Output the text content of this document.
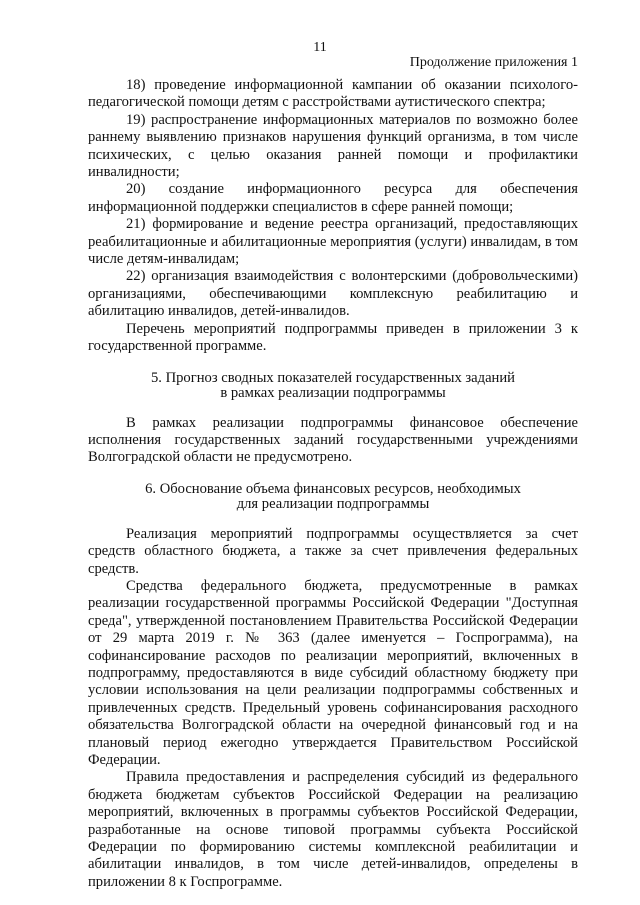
11
Продолжение приложения 1

18) проведение информационной кампании об оказании психолого-педагогической помощи детям с расстройствами аутистического спектра;

19) распространение информационных материалов по возможно более раннему выявлению признаков нарушения функций организма, в том числе психических, с целью оказания ранней помощи и профилактики инвалидности;

20) создание информационного ресурса для обеспечения информационной поддержки специалистов в сфере ранней помощи;

21) формирование и ведение реестра организаций, предоставляющих реабилитационные и абилитационные мероприятия (услуги) инвалидам, в том числе детям-инвалидам;

22) организация взаимодействия с волонтерскими (добровольческими) организациями, обеспечивающими комплексную реабилитацию и абилитацию инвалидов, детей-инвалидов.

Перечень мероприятий подпрограммы приведен в приложении 3 к государственной программе.

5. Прогноз сводных показателей государственных заданий

в рамках реализации подпрограммы

В рамках реализации подпрограммы финансовое обеспечение исполнения государственных заданий государственными учреждениями Волгоградской области не предусмотрено.

6. Обоснование объема финансовых ресурсов, необходимых

для реализации подпрограммы

Реализация мероприятий подпрограммы осуществляется за счет средств областного бюджета, а также за счет привлечения федеральных средств.

Средства федерального бюджета, предусмотренные в рамках реализации государственной программы Российской Федерации "Доступная среда", утвержденной постановлением Правительства Российской Федерации от 29 марта 2019 г. № 363 (далее именуется – Госпрограмма), на софинансирование расходов по реализации мероприятий, включенных в подпрограмму, предоставляются в виде субсидий областному бюджету при условии использования на цели реализации подпрограммы собственных и привлеченных средств. Предельный уровень софинансирования расходного обязательства Волгоградской области на очередной финансовый год и на плановый период ежегодно утверждается Правительством Российской Федерации.

Правила предоставления и распределения субсидий из федерального бюджета бюджетам субъектов Российской Федерации на реализацию мероприятий, включенных в программы субъектов Российской Федерации, разработанные на основе типовой программы субъекта Российской Федерации по формированию системы комплексной реабилитации и абилитации инвалидов, в том числе детей-инвалидов, определены в приложении 8 к Госпрограмме.
